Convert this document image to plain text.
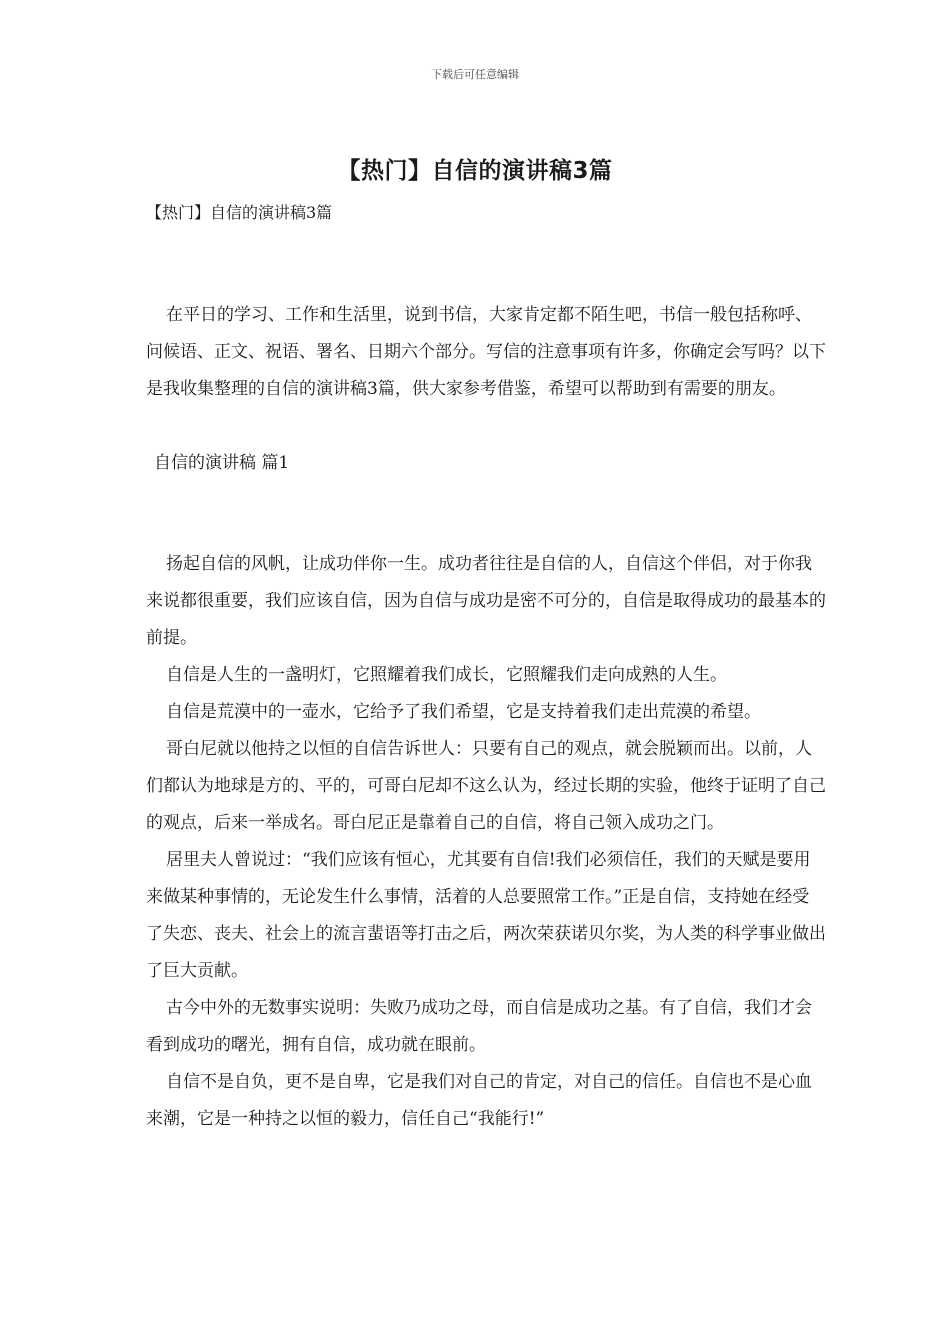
下载后可任意编辑
【热门】自信的演讲稿3篇
【热门】自信的演讲稿3篇

在平日的学习、工作和生活里，说到书信，大家肯定都不陌生吧，书信一般包括称呼、问候语、正文、祝语、署名、日期六个部分。写信的注意事项有许多，你确定会写吗？以下是我收集整理的自信的演讲稿3篇，供大家参考借鉴，希望可以帮助到有需要的朋友。

自信的演讲稿 篇1

扬起自信的风帆，让成功伴你一生。成功者往往是自信的人，自信这个伴侣，对于你我来说都很重要，我们应该自信，因为自信与成功是密不可分的，自信是取得成功的最基本的前提。

自信是人生的一盏明灯，它照耀着我们成长，它照耀我们走向成熟的人生。

自信是荒漠中的一壶水，它给予了我们希望，它是支持着我们走出荒漠的希望。

哥白尼就以他持之以恒的自信告诉世人：只要有自己的观点，就会脱颖而出。以前，人们都认为地球是方的、平的，可哥白尼却不这么认为，经过长期的实验，他终于证明了自己的观点，后来一举成名。哥白尼正是靠着自己的自信，将自己领入成功之门。

居里夫人曾说过：“我们应该有恒心，尤其要有自信!我们必须信任，我们的天赋是要用来做某种事情的，无论发生什么事情，活着的人总要照常工作。”正是自信，支持她在经受了失恋、丧夫、社会上的流言蜚语等打击之后，两次荣获诺贝尔奖，为人类的科学事业做出了巨大贡献。

古今中外的无数事实说明：失败乃成功之母，而自信是成功之基。有了自信，我们才会看到成功的曙光，拥有自信，成功就在眼前。

自信不是自负，更不是自卑，它是我们对自己的肯定，对自己的信任。自信也不是心血来潮，它是一种持之以恒的毅力，信任自己“我能行!”
